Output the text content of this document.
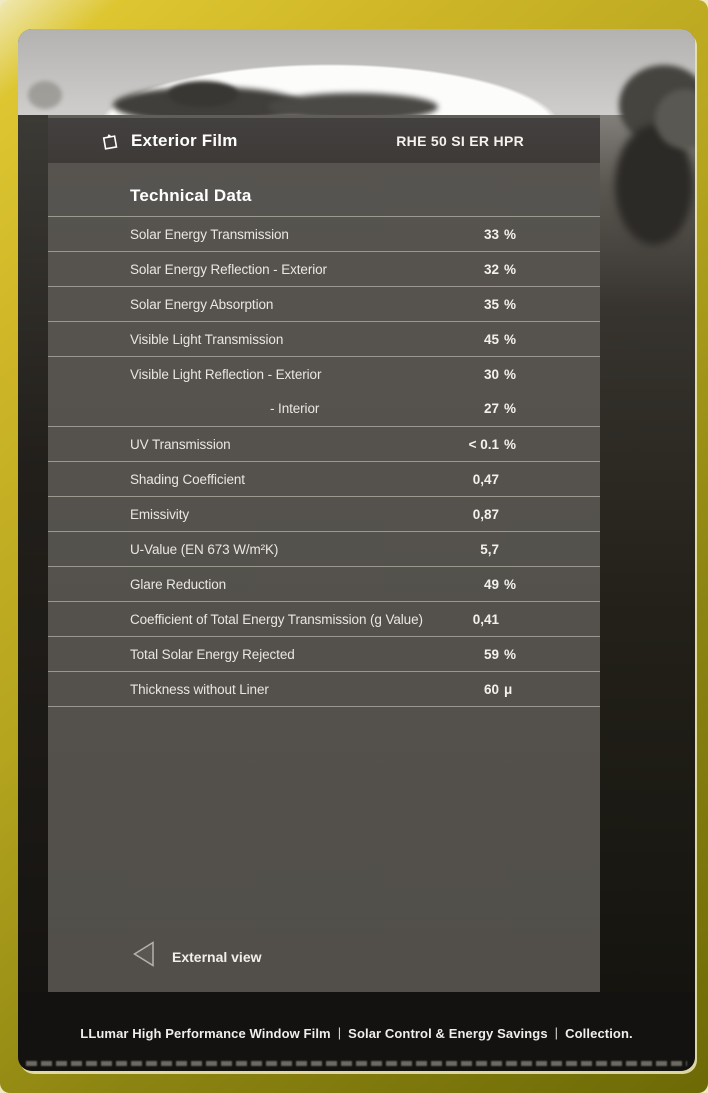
Exterior Film	RHE 50 SI ER HPR
Technical Data
Solar Energy Transmission	33 %
Solar Energy Reflection - Exterior	32 %
Solar Energy Absorption	35 %
Visible Light Transmission	45 %
Visible Light Reflection - Exterior	30 %
- Interior	27 %
UV Transmission	< 0.1 %
Shading Coefficient	0,47
Emissivity	0,87
U-Value (EN 673 W/m²K)	5,7
Glare Reduction	49 %
Coefficient of Total Energy Transmission (g Value)	0,41
Total Solar Energy Rejected	59 %
Thickness without Liner	60 μ
External view
LLumar High Performance Window Film | Solar Control & Energy Savings | Collection.
